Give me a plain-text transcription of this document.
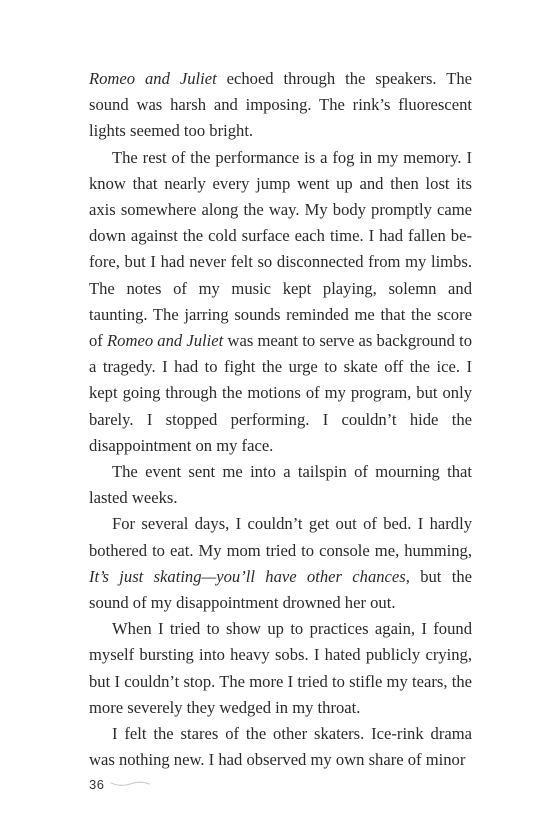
Romeo and Juliet echoed through the speakers. The sound was harsh and imposing. The rink’s fluorescent lights seemed too bright.

The rest of the performance is a fog in my memory. I know that nearly every jump went up and then lost its axis somewhere along the way. My body promptly came down against the cold surface each time. I had fallen before, but I had never felt so disconnected from my limbs. The notes of my music kept playing, solemn and taunting. The jarring sounds reminded me that the score of Romeo and Juliet was meant to serve as background to a tragedy. I had to fight the urge to skate off the ice. I kept going through the motions of my program, but only barely. I stopped performing. I couldn’t hide the disappointment on my face.

The event sent me into a tailspin of mourning that lasted weeks.

For several days, I couldn’t get out of bed. I hardly bothered to eat. My mom tried to console me, humming, It’s just skating—you’ll have other chances, but the sound of my disappointment drowned her out.

When I tried to show up to practices again, I found myself bursting into heavy sobs. I hated publicly crying, but I couldn’t stop. The more I tried to stifle my tears, the more severely they wedged in my throat.

I felt the stares of the other skaters. Ice-rink drama was nothing new. I had observed my own share of minor

36
